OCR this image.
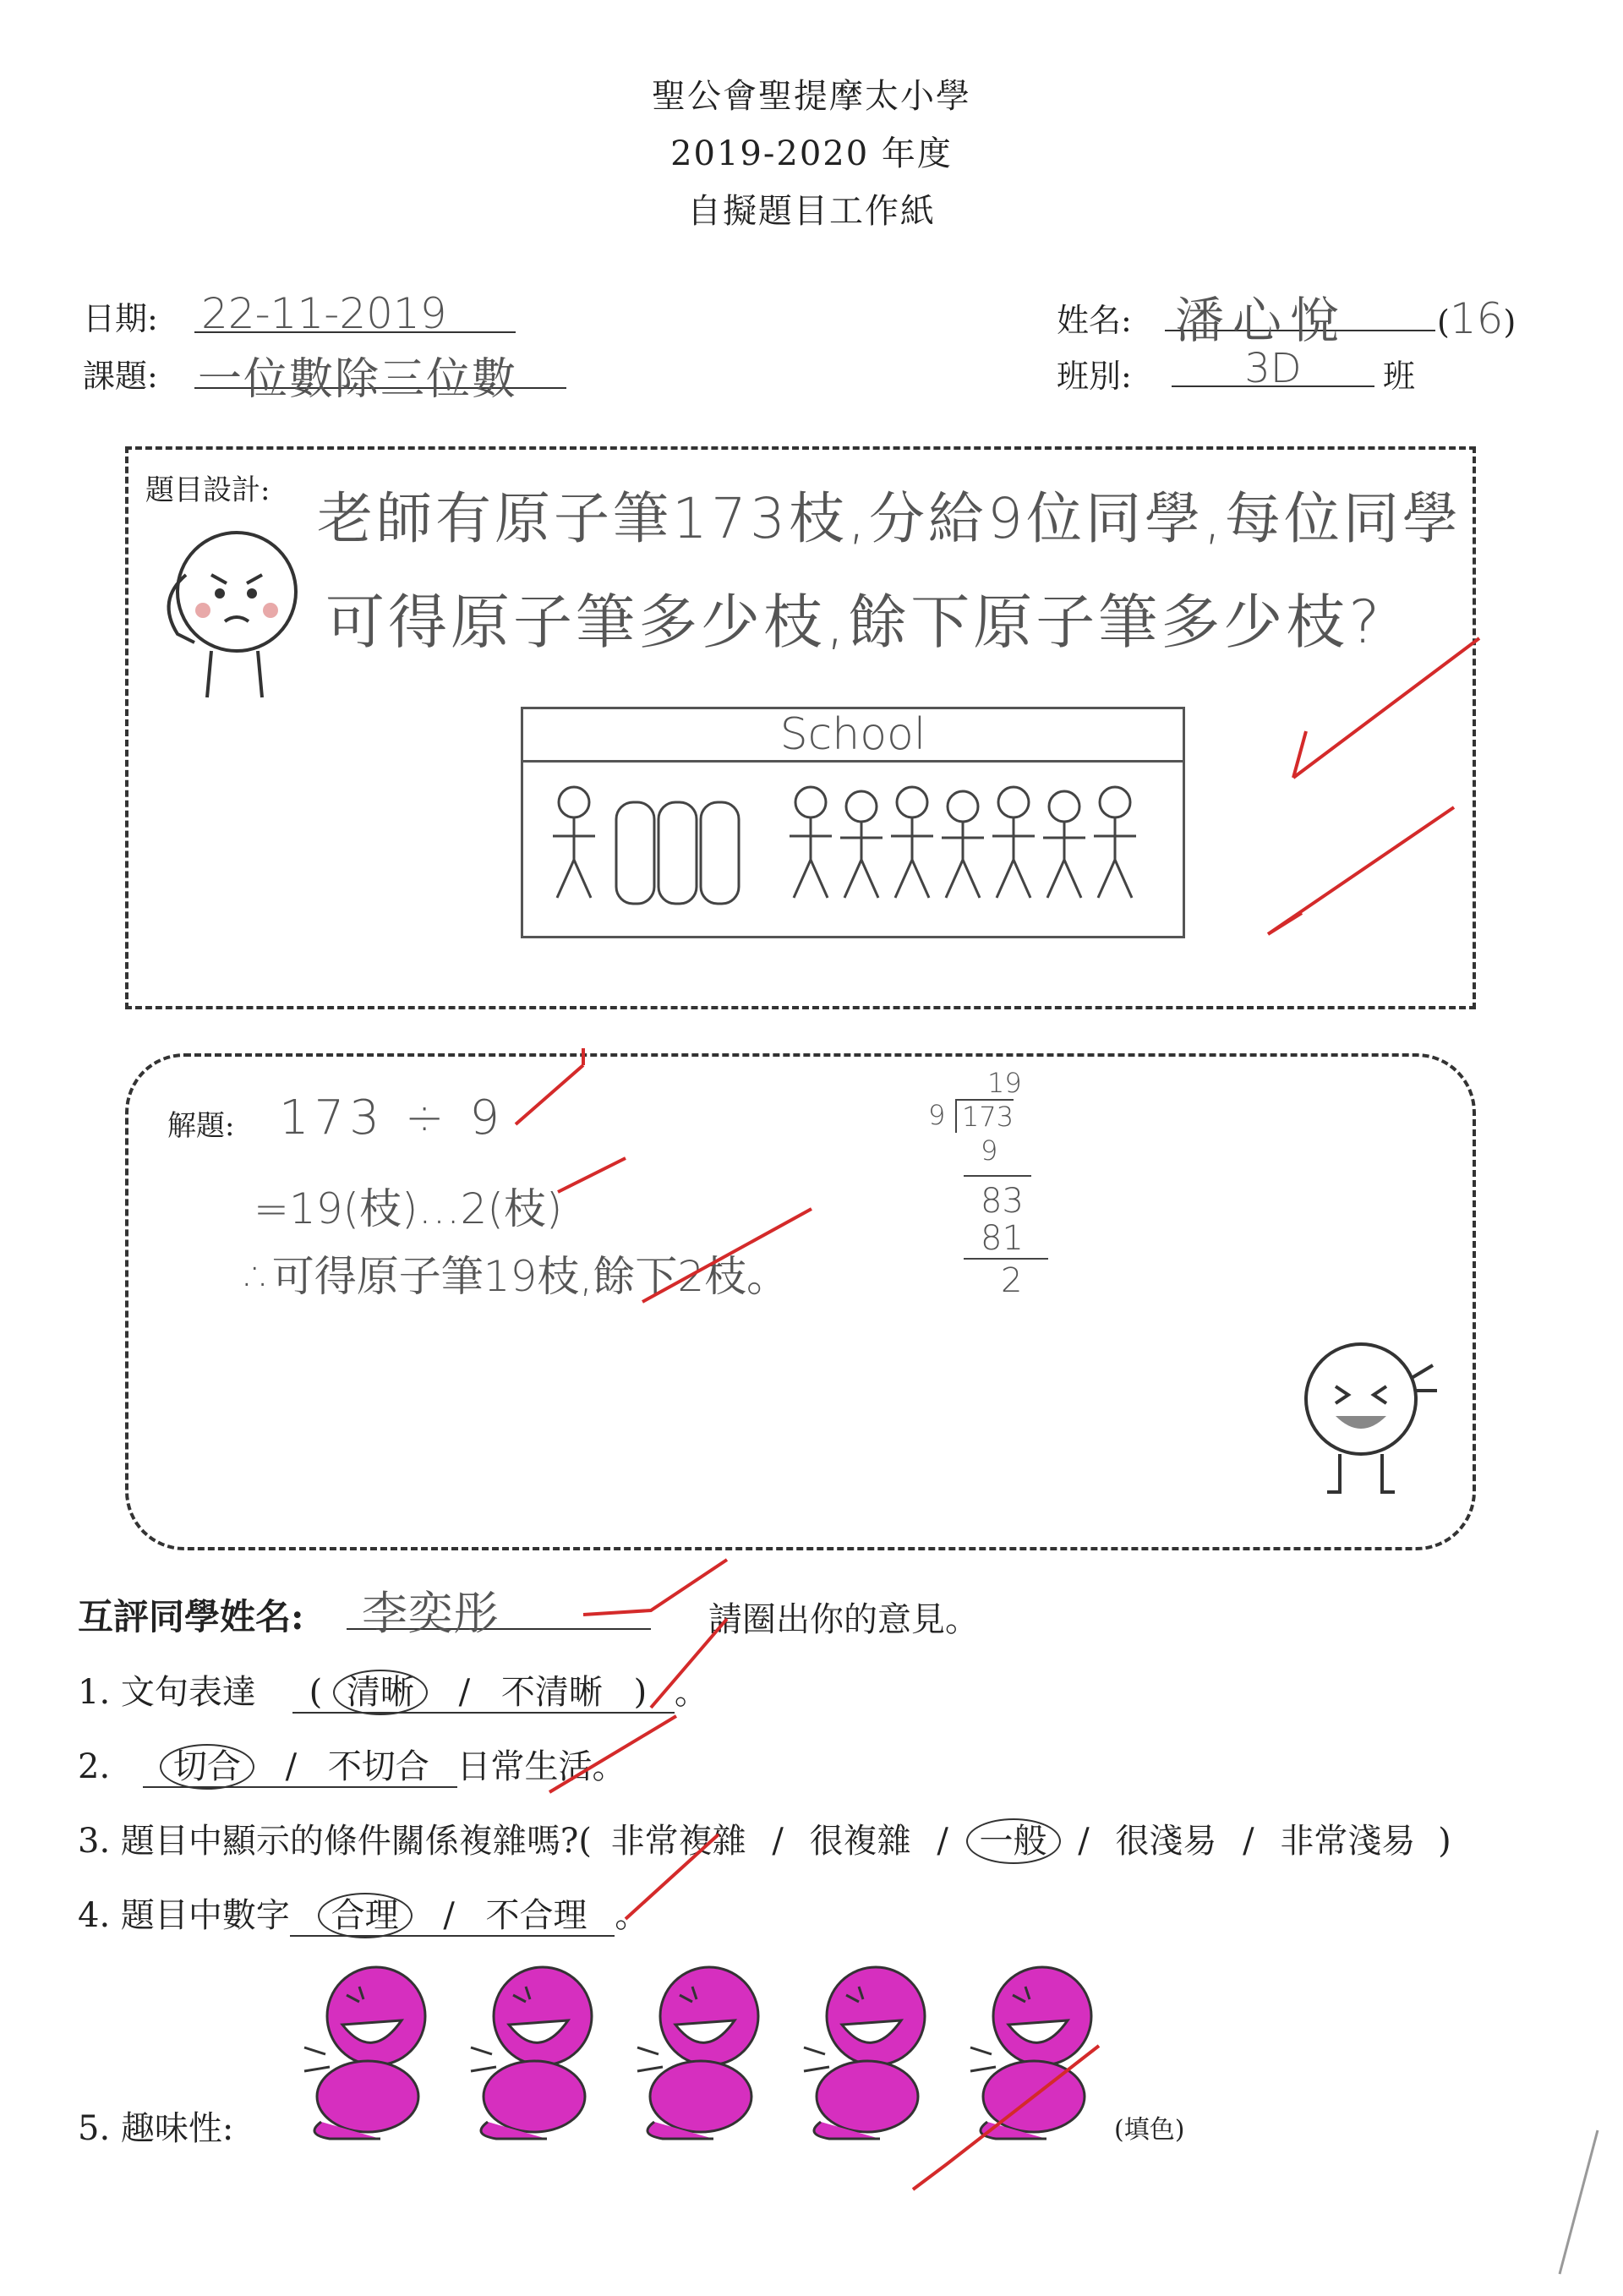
聖公會聖提摩太小學
2019-2020 年度
自擬題目工作紙
日期: 22-11-2019
課題: 一位數除三位數
姓名: 潘心悅	(16)
班別:	3D	班
題目設計: 老師有原子筆173枝,分給9位同學,每位同學
可得原子筆多少枝,餘下原子筆多少枝?
School
解題: 173 ÷ 9
=19(枝)…2(枝)
∴可得原子筆19枝,餘下2枝。
19
9 173
9
83
81
2
互評同學姓名:	李奕彤	請圈出你的意見。
1. 文句表達 ( 清晰 / 不清晰 ) 。
2. 切合 / 不切合 日常生活。
3. 題目中顯示的條件關係複雜嗎?( 非常複雜 / 很複雜 / 一般 / 很淺易 / 非常淺易 )
4. 題目中數字 合理 / 不合理 。
5. 趣味性:	(填色)
